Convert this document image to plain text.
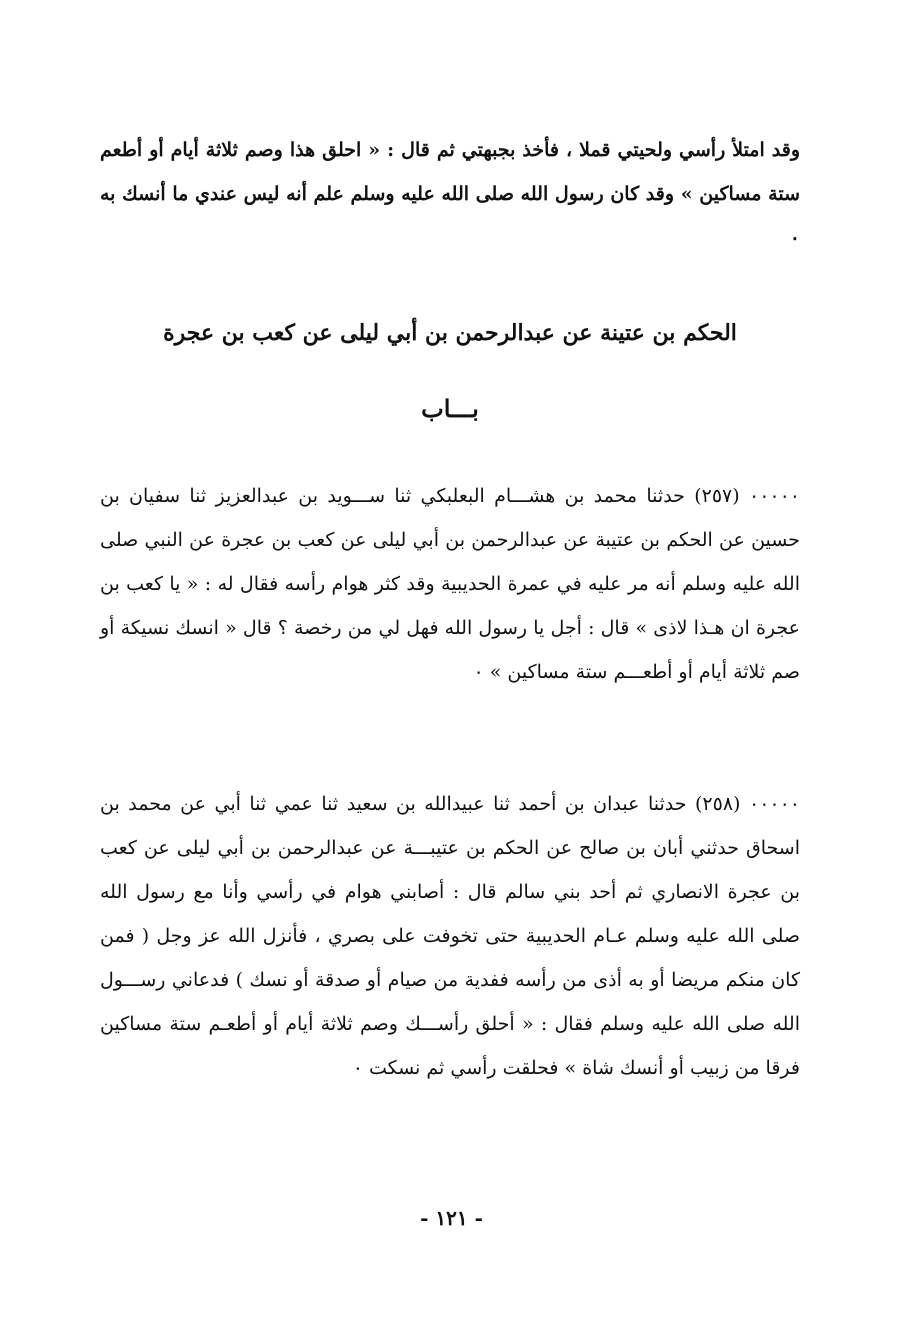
وقد امتلأ رأسي ولحيتي قملا ، فأخذ بجبهتي ثم قال : « احلق هذا وصم ثلاثة أيام أو أطعم ستة مساكين » وقد كان رسول الله صلى الله عليه وسلم علم أنه ليس عندي ما أنسك به ٠

الحكم بن عتينة عن عبدالرحمن بن أبي ليلى عن كعب بن عجرة

بـــاب

٠٠٠٠٠ (٢٥٧) حدثنا محمد بن هشـــام البعلبكي ثنا ســـويد بن عبدالعزيز ثنا سفيان بن حسين عن الحكم بن عتيبة عن عبدالرحمن بن أبي ليلى عن كعب بن عجرة عن النبي صلى الله عليه وسلم أنه مر عليه في عمرة الحديبية وقد كثر هوام رأسه فقال له : « يا كعب بن عجرة ان هـذا لاذى » قال : أجل يا رسول الله فهل لي من رخصة ؟ قال « انسك نسيكة أو صم ثلاثة أيام أو أطعـــم ستة مساكين » ٠

٠٠٠٠٠ (٢٥٨) حدثنا عبدان بن أحمد ثنا عبيدالله بن سعيد ثنا عمي ثنا أبي عن محمد بن اسحاق حدثني أبان بن صالح عن الحكم بن عتيبـــة عن عبدالرحمن بن أبي ليلى عن كعب بن عجرة الانصاري ثم أحد بني سالم قال : أصابني هوام في رأسي وأنا مع رسول الله صلى الله عليه وسلم عـام الحديبية حتى تخوفت على بصري ، فأنزل الله عز وجل ( فمن كان منكم مريضا أو به أذى من رأسه ففدية من صيام أو صدقة أو نسك ) فدعاني رســـول الله صلى الله عليه وسلم فقال : « أحلق رأســـك وصم ثلاثة أيام أو أطعـم ستة مساكين فرقا من زبيب أو أنسك شاة » فحلقت رأسي ثم نسكت ٠

- ١٢١ -
